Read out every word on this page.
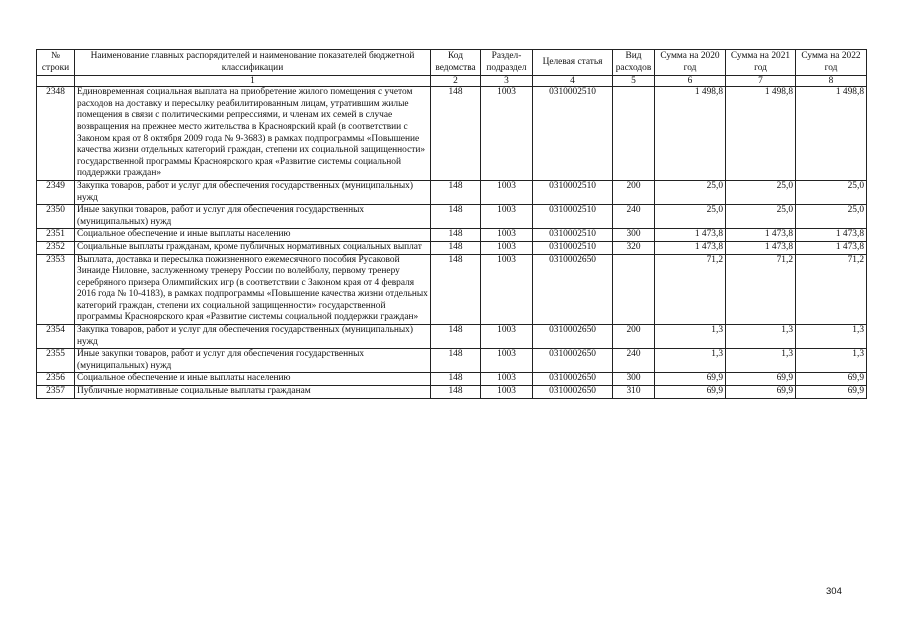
№ строки	Наименование главных распорядителей и наименование показателей бюджетной классификации	Код ведомства	Раздел-подраздел	Целевая статья	Вид расходов	Сумма на 2020 год	Сумма на 2021 год	Сумма на 2022 год
	1	2	3	4	5	6	7	8
2348	Единовременная социальная выплата на приобретение жилого помещения с учетом расходов на доставку и пересылку реабилитированным лицам, утратившим жилые помещения в связи с политическими репрессиями, и членам их семей в случае возвращения на прежнее место жительства в Красноярский край (в соответствии с Законом края от 8 октября 2009 года № 9-3683) в рамках подпрограммы «Повышение качества жизни отдельных категорий граждан, степени их социальной защищенности» государственной программы Красноярского края «Развитие системы социальной поддержки граждан»	148	1003	0310002510		1 498,8	1 498,8	1 498,8
2349	Закупка товаров, работ и услуг для обеспечения государственных (муниципальных) нужд	148	1003	0310002510	200	25,0	25,0	25,0
2350	Иные закупки товаров, работ и услуг для обеспечения государственных (муниципальных) нужд	148	1003	0310002510	240	25,0	25,0	25,0
2351	Социальное обеспечение и иные выплаты населению	148	1003	0310002510	300	1 473,8	1 473,8	1 473,8
2352	Социальные выплаты гражданам, кроме публичных нормативных социальных выплат	148	1003	0310002510	320	1 473,8	1 473,8	1 473,8
2353	Выплата, доставка и пересылка пожизненного ежемесячного пособия Русаковой Зинаиде Ниловне, заслуженному тренеру России по волейболу, первому тренеру серебряного призера Олимпийских игр (в соответствии с Законом края от 4 февраля 2016 года № 10-4183), в рамках подпрограммы «Повышение качества жизни отдельных категорий граждан, степени их социальной защищенности» государственной программы Красноярского края «Развитие системы социальной поддержки граждан»	148	1003	0310002650		71,2	71,2	71,2
2354	Закупка товаров, работ и услуг для обеспечения государственных (муниципальных) нужд	148	1003	0310002650	200	1,3	1,3	1,3
2355	Иные закупки товаров, работ и услуг для обеспечения государственных (муниципальных) нужд	148	1003	0310002650	240	1,3	1,3	1,3
2356	Социальное обеспечение и иные выплаты населению	148	1003	0310002650	300	69,9	69,9	69,9
2357	Публичные нормативные социальные выплаты гражданам	148	1003	0310002650	310	69,9	69,9	69,9
304
